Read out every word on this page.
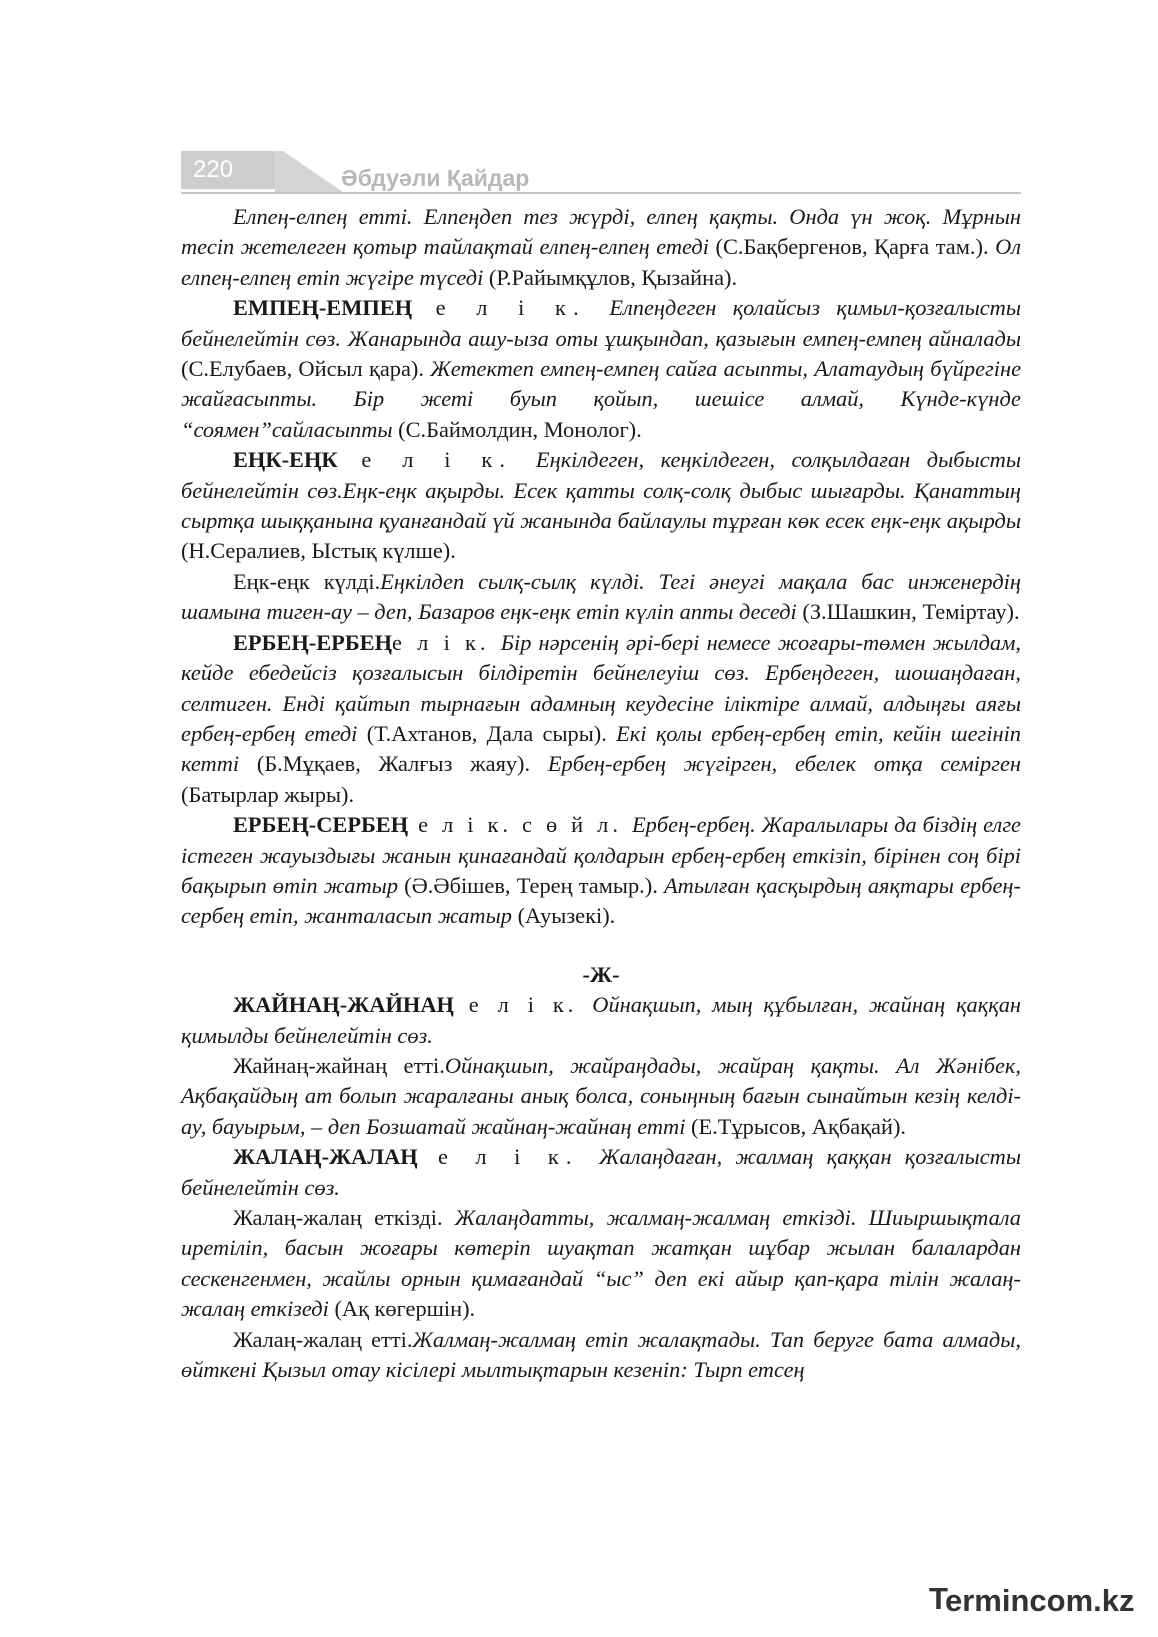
220	Әбдуәли Қайдар

Елпең-елпең етті. Елпеңдеп тез жүрді, елпең қақты. Онда үн жоқ. Мұрнын тесіп жетелеген қотыр тайлақтай елпең-елпең етеді (С.Бақбергенов, Қарға там.). Ол елпең-елпең етіп жүгіре түседі (Р.Райымқұлов, Қызайна).

ЕМПЕҢ-ЕМПЕҢ е л і к. Елпеңдеген қолайсыз қимыл-қозғалысты бейнелейтін сөз. Жанарында ашу-ыза оты ұшқындап, қазығын емпең-емпең айналады (С.Елубаев, Ойсыл қара). Жетектеп емпең-емпең сайға асыпты, Алатаудың бүйрегіне жайғасыпты. Бір жеті буып қойып, шешісе алмай, Күнде-күнде “соямен”сайласыпты (С.Баймолдин, Монолог).

ЕҢК-ЕҢК е л і к. Еңкілдеген, кеңкілдеген, солқылдаған дыбысты бейнелейтін сөз.Еңк-еңк ақырды. Есек қатты солқ-солқ дыбыс шығарды. Қанаттың сыртқа шыққанына қуанғандай үй жанында байлаулы тұрған көк есек еңк-еңк ақырды (Н.Сералиев, Ыстық күлше).

Еңк-еңк күлді.Еңкілдеп сылқ-сылқ күлді. Тегі әнеугі мақала бас инженердің шамына тиген-ау – деп, Базаров еңк-еңк етіп күліп апты деседі (З.Шашкин, Теміртау).

ЕРБЕҢ-ЕРБЕҢе л і к. Бір нәрсенің әрі-бері немесе жоғары-төмен жылдам, кейде ебедейсіз қозғалысын білдіретін бейнелеуіш сөз. Ербеңдеген, шошаңдаған, селтиген. Енді қайтып тырнағын адамның кеудесіне іліктіре алмай, алдыңғы аяғы ербең-ербең етеді (Т.Ахтанов, Дала сыры). Екі қолы ербең-ербең етіп, кейін шегініп кетті (Б.Мұқаев, Жалғыз жаяу). Ербең-ербең жүгірген, ебелек отқа семірген (Батырлар жыры).

ЕРБЕҢ-СЕРБЕҢ е л і к. с ө й л. Ербең-ербең. Жаралылары да біздің елге істеген жауыздығы жанын қинағандай қолдарын ербең-ербең еткізіп, бірінен соң бірі бақырып өтіп жатыр (Ә.Әбішев, Терең тамыр.). Атылған қасқырдың аяқтары ербең-сербең етіп, жанталасып жатыр (Ауызекі).

-Ж-

ЖАЙНАҢ-ЖАЙНАҢ е л і к. Ойнақшып, мың құбылған, жайнаң қаққан қимылды бейнелейтін сөз.

Жайнаң-жайнаң етті.Ойнақшып, жайраңдады, жайраң қақты. Ал Жәнібек, Ақбақайдың ат болып жаралғаны анық болса, соныңның бағын сынайтын кезің келді-ау, бауырым, – деп Бозшатай жайнаң-жайнаң етті (Е.Тұрысов, Ақбақай).

ЖАЛАҢ-ЖАЛАҢ е л і к. Жалаңдаған, жалмаң қаққан қозғалысты бейнелейтін сөз.

Жалаң-жалаң еткізді. Жалаңдатты, жалмаң-жалмаң еткізді. Шиыршықтала иретіліп, басын жоғары көтеріп шуақтап жатқан шұбар жылан балалардан сескенгенмен, жайлы орнын қимағандай “ыс” деп екі айыр қап-қара тілін жалаң-жалаң еткізеді (Ақ көгершін).

Жалаң-жалаң етті.Жалмаң-жалмаң етіп жалақтады. Тап беруге бата алмады, өйткені Қызыл отау кісілері мылтықтарын кезеніп: Тырп етсең

T
ermincom.kz
